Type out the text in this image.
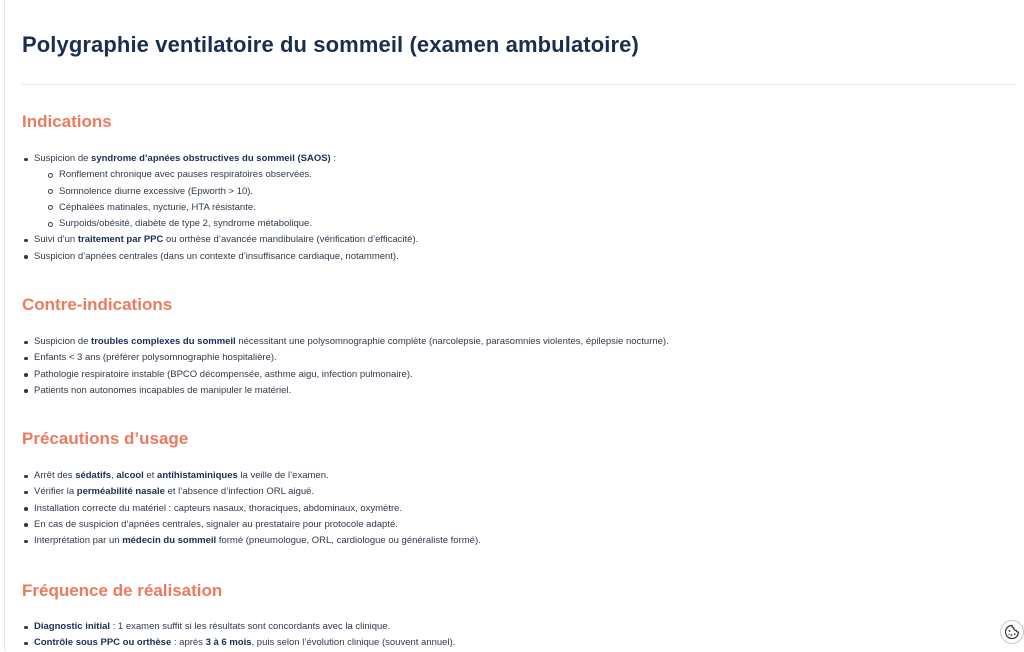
Polygraphie ventilatoire du sommeil (examen ambulatoire)
Indications
Suspicion de syndrome d’apnées obstructives du sommeil (SAOS) :
Ronflement chronique avec pauses respiratoires observées.
Somnolence diurne excessive (Epworth > 10).
Céphalées matinales, nycturie, HTA résistante.
Surpoids/obésité, diabète de type 2, syndrome métabolique.
Suivi d’un traitement par PPC ou orthèse d’avancée mandibulaire (vérification d’efficacité).
Suspicion d’apnées centrales (dans un contexte d’insuffisance cardiaque, notamment).
Contre-indications
Suspicion de troubles complexes du sommeil nécessitant une polysomnographie complète (narcolepsie, parasomnies violentes, épilepsie nocturne).
Enfants < 3 ans (préférer polysomnographie hospitalière).
Pathologie respiratoire instable (BPCO décompensée, asthme aigu, infection pulmonaire).
Patients non autonomes incapables de manipuler le matériel.
Précautions d’usage
Arrêt des sédatifs, alcool et antihistaminiques la veille de l’examen.
Vérifier la perméabilité nasale et l’absence d’infection ORL aiguë.
Installation correcte du matériel : capteurs nasaux, thoraciques, abdominaux, oxymètre.
En cas de suspicion d’apnées centrales, signaler au prestataire pour protocole adapté.
Interprétation par un médecin du sommeil formé (pneumologue, ORL, cardiologue ou généraliste formé).
Fréquence de réalisation
Diagnostic initial : 1 examen suffit si les résultats sont concordants avec la clinique.
Contrôle sous PPC ou orthèse : après 3 à 6 mois, puis selon l’évolution clinique (souvent annuel).
